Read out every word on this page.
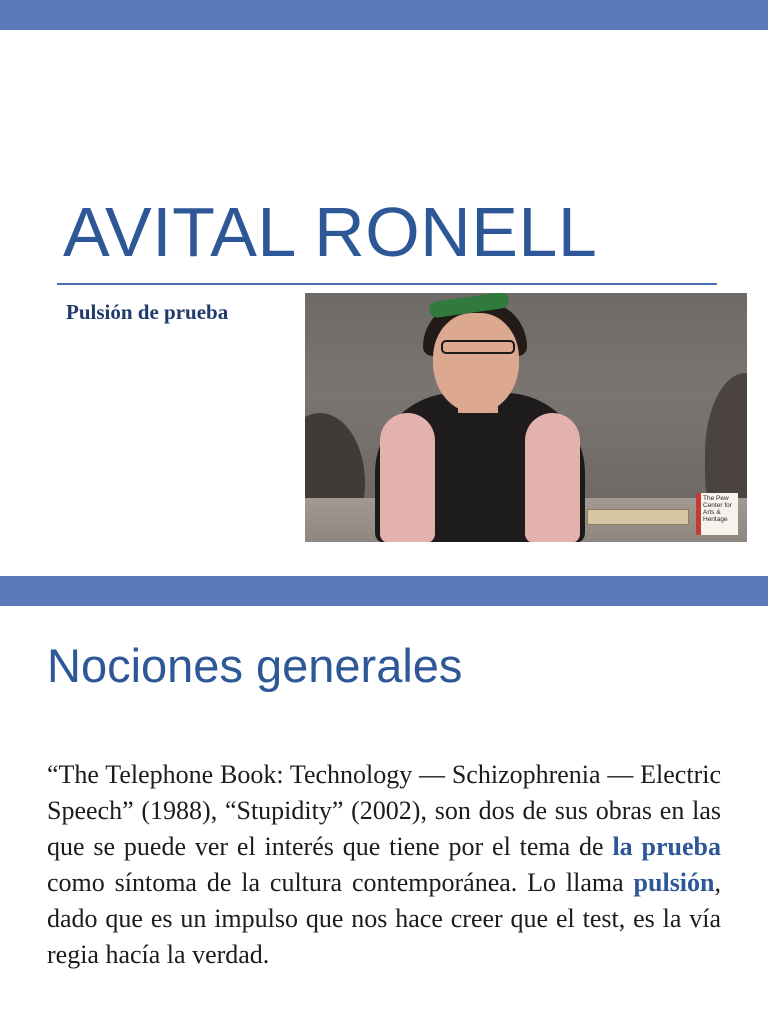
AVITAL RONELL
Pulsión de prueba
The Pew Center for Arts & Heritage
Nociones generales
“The Telephone Book: Technology — Schizophrenia — Electric Speech” (1988), “Stupidity” (2002), son dos de sus obras en las que se puede ver el interés que tiene por el tema de la prueba como síntoma de la cultura contemporánea. Lo llama pulsión, dado que es un impulso que nos hace creer que el test, es la vía regia hacía la verdad.
